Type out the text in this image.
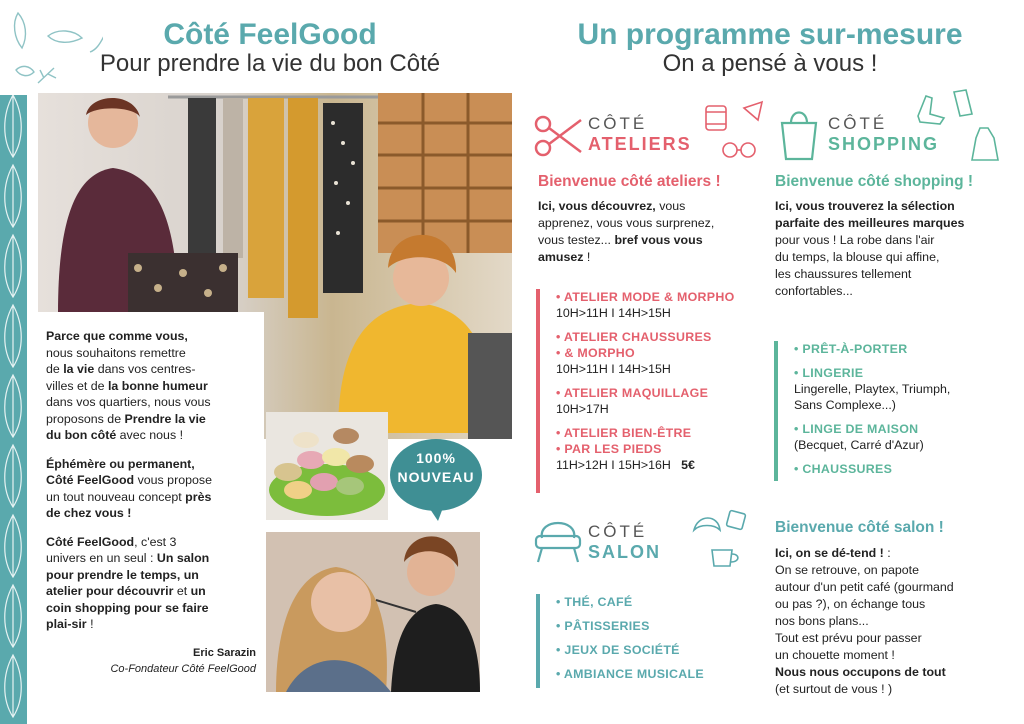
Côté FeelGood
Pour prendre la vie du bon Côté
Un programme sur-mesure
On a pensé à vous !

Parce que comme vous,
nous souhaitons remettre
de la vie dans vos centres-
villes et de la bonne humeur
dans vos quartiers, nous vous
proposons de Prendre la vie
du bon côté avec nous !

Éphémère ou permanent,
Côté FeelGood vous propose
un tout nouveau concept près
de chez vous !

Côté FeelGood, c'est 3
univers en un seul : Un salon
pour prendre le temps, un
atelier pour découvrir et un
coin shopping pour se faire
plai-sir !

Eric Sarazin
Co-Fondateur Côté FeelGood
100%
NOUVEAU
CÔTÉ
ATELIERS
Bienvenue côté ateliers !
Ici, vous découvrez, vous
apprenez, vous vous surprenez,
vous testez... bref vous vous
amusez !
• ATELIER MODE & MORPHO
10H>11H I 14H>15H
• ATELIER CHAUSSURES
• & MORPHO
10H>11H I 14H>15H
• ATELIER MAQUILLAGE
10H>17H
• ATELIER BIEN-ÊTRE
• PAR LES PIEDS
11H>12H I 15H>16H 5€
CÔTÉ
SHOPPING
Bienvenue côté shopping !
Ici, vous trouverez la sélection
parfaite des meilleures marques
pour vous ! La robe dans l'air
du temps, la blouse qui affine,
les chaussures tellement
confortables...
• PRÊT-À-PORTER
• LINGERIE
Lingerelle, Playtex, Triumph,
Sans Complexe...)
• LINGE DE MAISON
(Becquet, Carré d'Azur)
• CHAUSSURES
CÔTÉ
SALON
• THÉ, CAFÉ
• PÂTISSERIES
• JEUX DE SOCIÉTÉ
• AMBIANCE MUSICALE
Bienvenue côté salon !
Ici, on se dé-tend ! :
On se retrouve, on papote
autour d'un petit café (gourmand
ou pas ?), on échange tous
nos bons plans...
Tout est prévu pour passer
un chouette moment !
Nous nous occupons de tout
(et surtout de vous ! )
